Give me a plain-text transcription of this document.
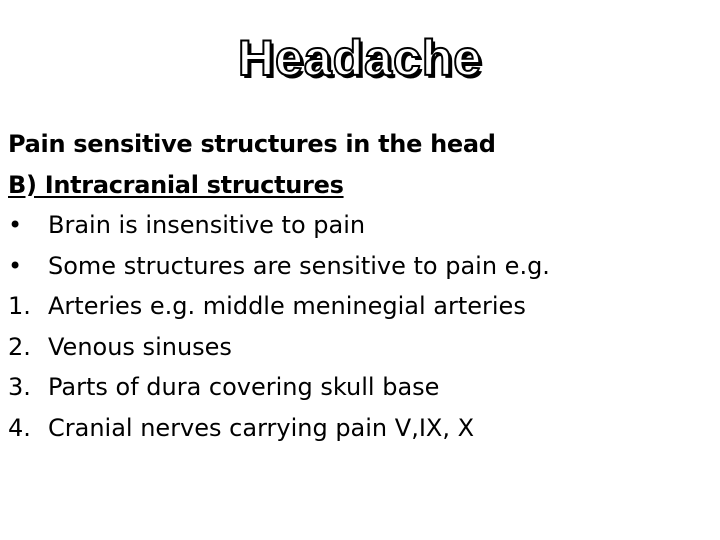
Headache
Pain sensitive structures in the head
B) Intracranial structures
•	Brain is insensitive to pain
•	Some structures are sensitive to pain e.g.
1. Arteries e.g. middle meninegial arteries
2. Venous sinuses
3. Parts of dura covering skull base
4. Cranial nerves carrying pain V,IX, X
